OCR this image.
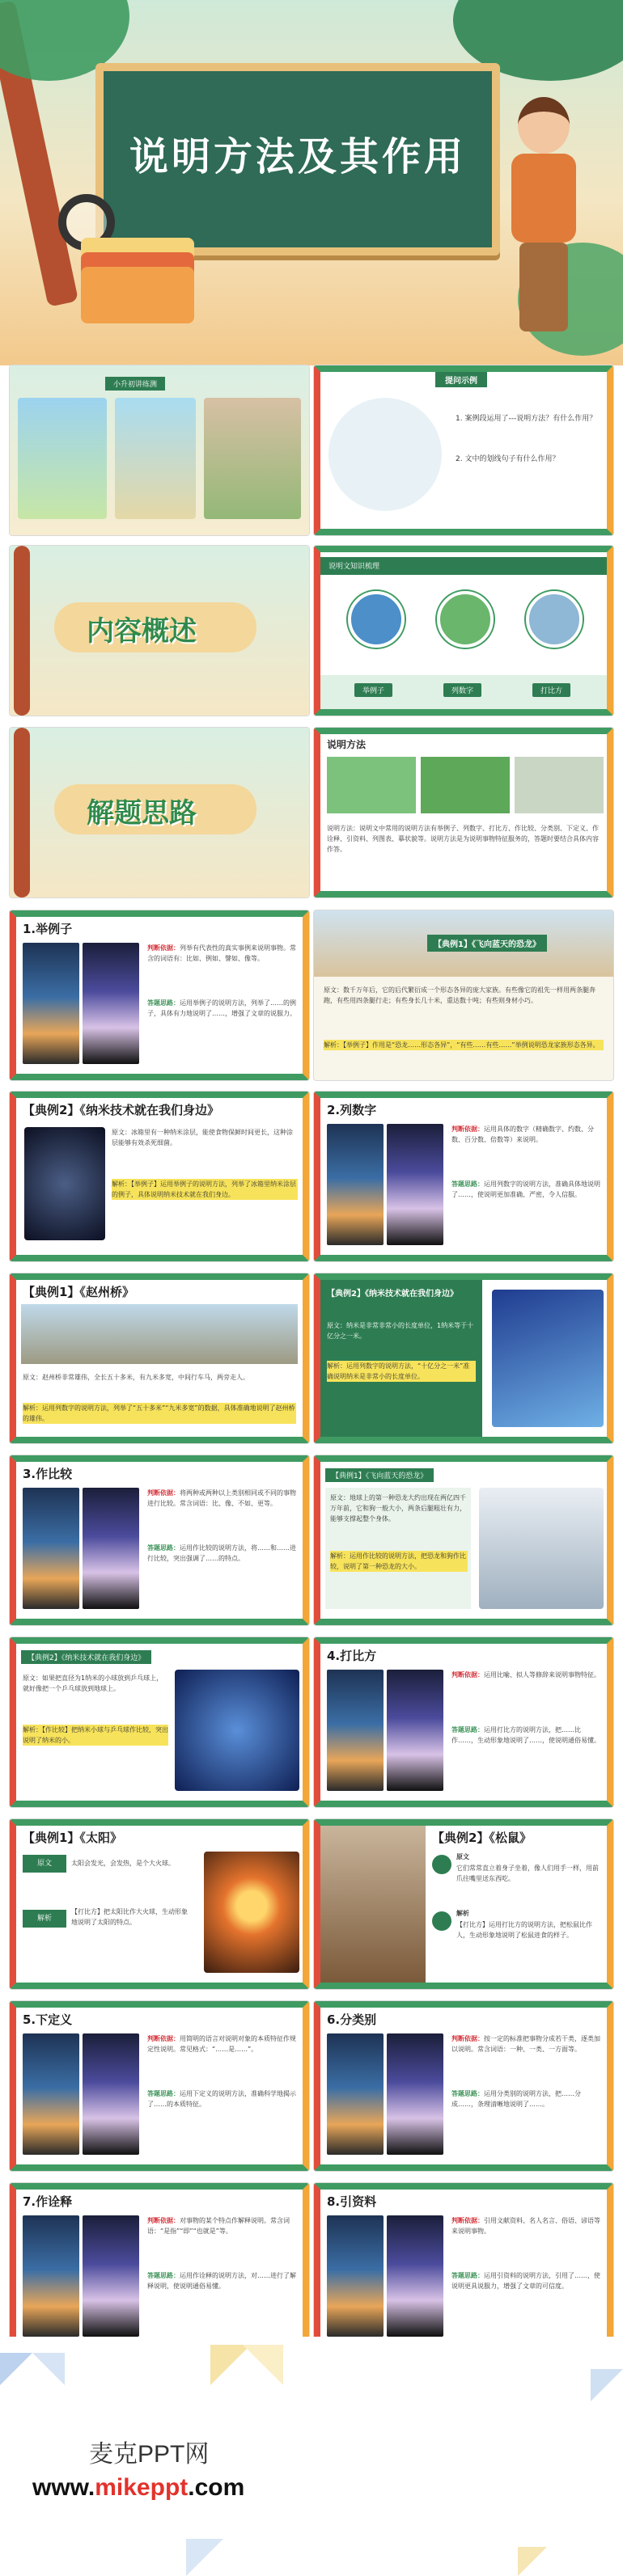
说明方法及其作用
小升初讲练测	提问示例
1. 案例段运用了---说明方法？有什么作用？
2. 文中的划线句子有什么作用？
内容概述
说明文知识梳理
举例子	列数字	打比方
解题思路
说明方法
说明方法：说明文中常用的说明方法有举例子、列数字、打比方、作比较、分类别、下定义、作诠释、引资料、列图表、摹状貌等。说明方法是为说明事物特征服务的，答题时要结合具体内容作答。
1.举例子
判断依据：列举有代表性的真实事例来说明事物。常含的词语有：比如、例如、譬如、像等。
答题思路：运用举例子的说明方法，列举了……的例子，具体有力地说明了……，增强了文章的说服力。
【典例1】《飞向蓝天的恐龙》
原文：数千万年后，它的后代繁衍成一个形态各异的庞大家族。有些像它的祖先一样用两条腿奔跑，有些用四条腿行走；有些身长几十米，重达数十吨；有些则身材小巧。
解析：【举例子】作用是“恐龙……形态各异”，“有些……有些……”举例说明恐龙家族形态各异。
【典例2】《纳米技术就在我们身边》
原文：冰箱里有一种纳米涂层，能使食物保鲜时间更长，这种涂层能够有效杀死细菌。
解析：【举例子】运用举例子的说明方法，列举了冰箱里纳米涂层的例子，具体说明纳米技术就在我们身边。
2.列数字
判断依据：运用具体的数字（精确数字、约数、分数、百分数、倍数等）来说明。
答题思路：运用列数字的说明方法，准确具体地说明了……，使说明更加准确、严密，令人信服。
【典例1】《赵州桥》
原文：赵州桥非常雄伟，全长五十多米，有九米多宽，中间行车马，两旁走人。
解析：运用列数字的说明方法，列举了“五十多米”“九米多宽”的数据，具体准确地说明了赵州桥的雄伟。
【典例2】《纳米技术就在我们身边》
原文：纳米是非常非常小的长度单位，1纳米等于十亿分之一米。
解析：运用列数字的说明方法，“十亿分之一米”准确说明纳米是非常小的长度单位。
3.作比较
判断依据：将两种或两种以上类别相同或不同的事物进行比较。常含词语：比、像、不如、更等。
答题思路：运用作比较的说明方法，将……和……进行比较，突出强调了……的特点。
【典例1】《飞向蓝天的恐龙》
原文：地球上的第一种恐龙大约出现在两亿四千万年前，它和狗一般大小，两条后腿粗壮有力，能够支撑起整个身体。
解析：运用作比较的说明方法，把恐龙和狗作比较，说明了第一种恐龙的大小。
【典例2】《纳米技术就在我们身边》
原文：如果把直径为1纳米的小球放到乒乓球上，就好像把一个乒乓球放到地球上。
解析：【作比较】把纳米小球与乒乓球作比较，突出说明了纳米的小。
4.打比方
判断依据：运用比喻、拟人等修辞来说明事物特征。
答题思路：运用打比方的说明方法，把……比作……，生动形象地说明了……，使说明通俗易懂。
【典例1】《太阳》
原文	太阳会发光，会发热，是个大火球。
解析
【打比方】把太阳比作大火球，生动形象地说明了太阳的特点。
【典例2】《松鼠》
原文
它们常常直立着身子坐着，像人们用手一样，用前爪往嘴里送东西吃。
解析
【打比方】运用打比方的说明方法，把松鼠比作人，生动形象地说明了松鼠进食的样子。
5.下定义
判断依据：用简明的语言对说明对象的本质特征作规定性说明。常见格式：“……是……”。
答题思路：运用下定义的说明方法，准确科学地揭示了……的本质特征。
6.分类别
判断依据：按一定的标准把事物分成若干类，逐类加以说明。常含词语：一种、一类、一方面等。
答题思路：运用分类别的说明方法，把……分成……，条理清晰地说明了……。
7.作诠释
判断依据：对事物的某个特点作解释说明。常含词语：“是指”“即”“也就是”等。
答题思路：运用作诠释的说明方法，对……进行了解释说明，使说明通俗易懂。
8.引资料
判断依据：引用文献资料、名人名言、俗语、谚语等来说明事物。
答题思路：运用引资料的说明方法，引用了……，使说明更具说服力，增强了文章的可信度。
麦克PPT网
www.mikeppt.com
